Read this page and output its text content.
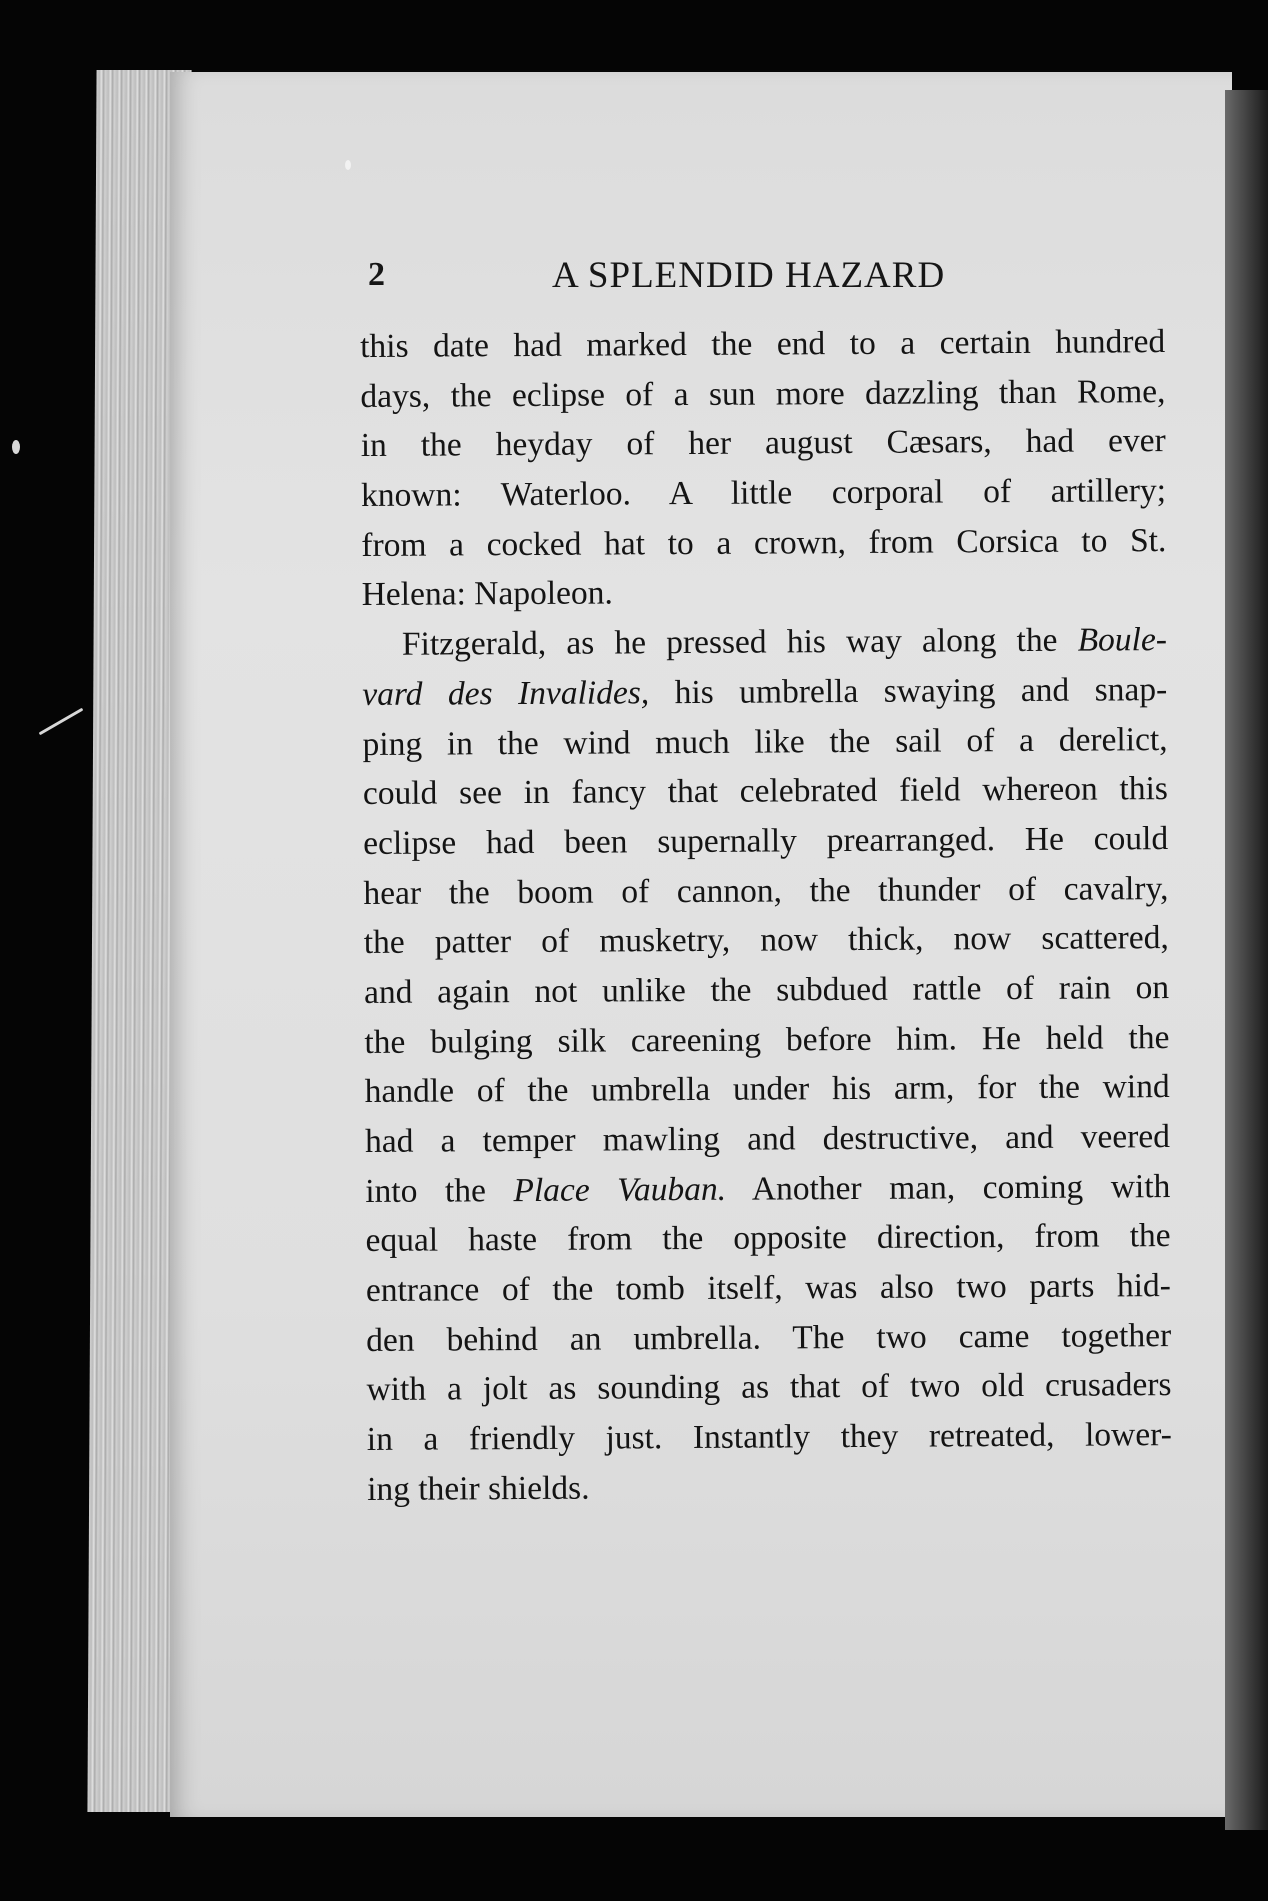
2	A SPLENDID HAZARD
this date had marked the end to a certain hundred
days, the eclipse of a sun more dazzling than Rome,
in the heyday of her august Cæsars, had ever
known: Waterloo. A little corporal of artillery;
from a cocked hat to a crown, from Corsica to St.
Helena: Napoleon.
Fitzgerald, as he pressed his way along the Boule-
vard des Invalides, his umbrella swaying and snap-
ping in the wind much like the sail of a derelict,
could see in fancy that celebrated field whereon this
eclipse had been supernally prearranged. He could
hear the boom of cannon, the thunder of cavalry,
the patter of musketry, now thick, now scattered,
and again not unlike the subdued rattle of rain on
the bulging silk careening before him. He held the
handle of the umbrella under his arm, for the wind
had a temper mawling and destructive, and veered
into the Place Vauban. Another man, coming with
equal haste from the opposite direction, from the
entrance of the tomb itself, was also two parts hid-
den behind an umbrella. The two came together
with a jolt as sounding as that of two old crusaders
in a friendly just. Instantly they retreated, lower-
ing their shields.
